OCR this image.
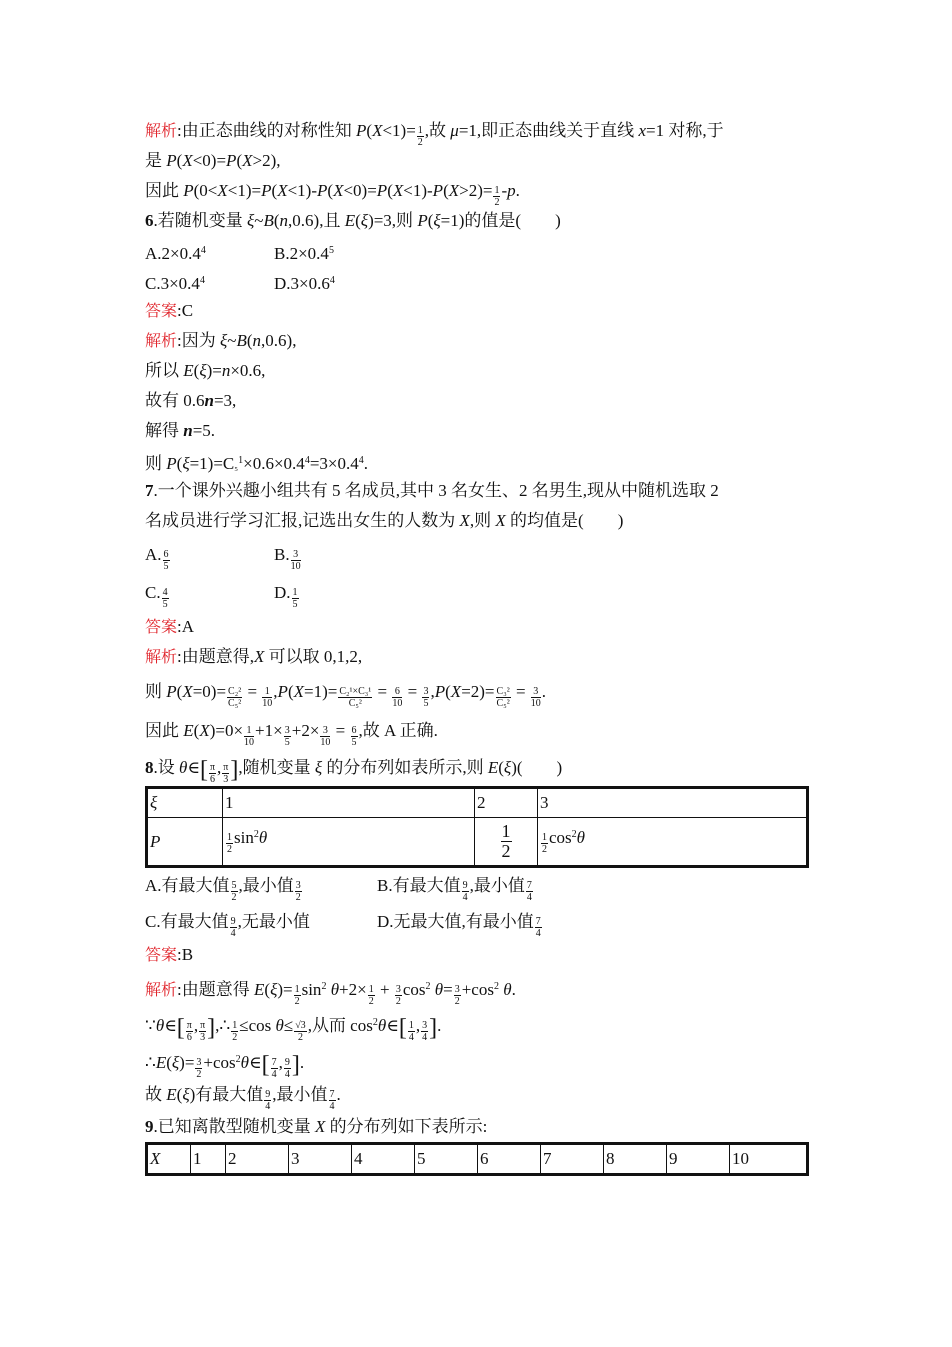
解析:由正态曲线的对称性知 $P(X<1)= \frac{1}{2}$ ,故 μ=1,即正态曲线关于直线 x=1 对称,于
是 P(X<0)=P(X>2),
因此 $P(0<X<1)=P(X<1)-P(X<0)=P(X<1)-P(X>2)= \frac{1}{2} -p$.
6.若随机变量 ξ~B(n,0.6),且 E(ξ)=3,则 P(ξ=1)的值是(　　)
$A.2\times 0.4^4$	$B.2\times 0.4^5$
$C.3\times 0.4^4$	$D.3\times 0.6^4$
答案:C
解析:因为 ξ~B(n,0.6),
所以 E(ξ)=n×0.6,
故有 0.6n=3,
解得 n=5.
则 $P(\xi=1)=C_5^1\times 0.6\times 0.4^4=3\times 0.4^4$.
7.一个课外兴趣小组共有 5 名成员,其中 3 名女生、2 名男生,现从中随机选取 2
名成员进行学习汇报,记选出女生的人数为 X,则 X 的均值是(　　)
A. $\frac{6}{5}$	B. $\frac{3}{10}$
C. $\frac{4}{5}$	D. $\frac{1}{5}$
答案:A
解析:由题意得,X 可以取 0,1,2,
则 $P(X=0)= \frac{\text{C₂²}}{\text{C₅²}} = \frac{1}{10} ,P(X=1)= \frac{\text{C₂¹×C₃¹}}{\text{C₅²}} = \frac{6}{10} = \frac{3}{5} ,P(X=2)= \frac{\text{C₃²}}{\text{C₅²}} = \frac{3}{10}$ .
因此 $E(X)=0\times \frac{1}{10} +1\times \frac{3}{5} +2\times \frac{3}{10} = \frac{6}{5}$ ,故 A 正确.
8.设 θ∈[ $\frac{\pi}{6}$ , $\frac{\pi}{3}$ ],随机变量 ξ 的分布列如表所示,则 E(ξ)(　　)
ξ	1	2	3
P	$\frac{1}{2} \sin^2\theta$	$\frac{1}{2}$	$\frac{1}{2} \cos^2\theta$
A.有最大值 $\frac{5}{2}$ ,最小值 $\frac{3}{2}$	B.有最大值 $\frac{9}{4}$ ,最小值 $\frac{7}{4}$
C.有最大值 $\frac{9}{4}$ ,无最小值	D.无最大值,有最小值 $\frac{7}{4}$
答案:B
解析:由题意得 $E(\xi)= \frac{1}{2} \sin^2 \theta+2\times \frac{1}{2} + \frac{3}{2} \cos^2 \theta= \frac{3}{2} +\cos^2$ θ.
∵θ∈[ $\frac{\pi}{6}$ , $\frac{\pi}{3}$ ],∴ $\frac{1}{2} \le\cos$ $\theta\le \frac{√3}{2}$ ,从而 $\cos^2\theta\in[ \frac{1}{4}$ , $\frac{3}{4}$ ].
∴E(ξ)= $\frac{3}{2}$ $+\cos^2\theta\in[ \frac{7}{4}$ , $\frac{9}{4}$ ].
故 E(ξ)有最大值 $\frac{9}{4}$ ,最小值 $\frac{7}{4}$ .
9.已知离散型随机变量 X 的分布列如下表所示:
X	1	2	3	4	5	6	7	8	9	10
